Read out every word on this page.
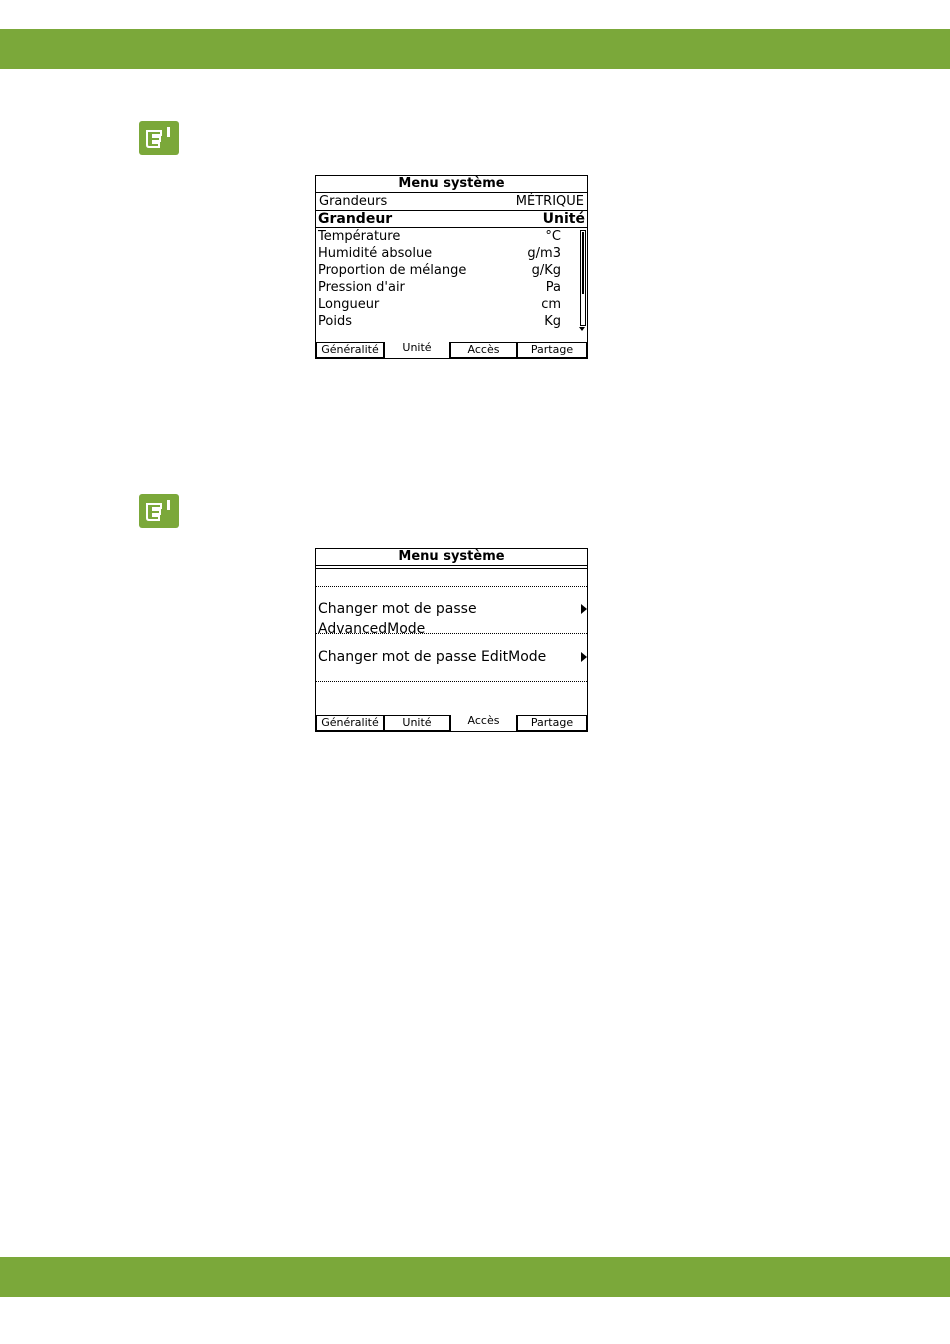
Menu système
Grandeurs	MÉTRIQUE
Grandeur	Unité
Température	°C
Humidité absolue	g/m3
Proportion de mélange	g/Kg
Pression d'air	Pa
Longueur	cm
Poids	Kg
Généralité	Unité	Accès	Partage
Menu système
Changer mot de passe AdvancedMode
Changer mot de passe EditMode
Généralité	Unité	Accès	Partage
